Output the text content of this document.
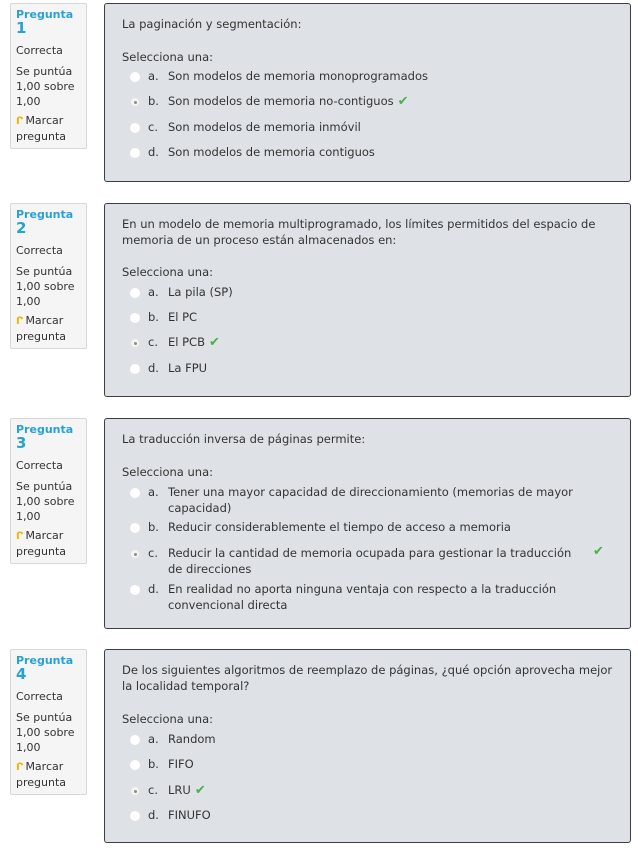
Pregunta
1
Correcta
Se puntúa 1,00 sobre 1,00
ᒋ Marcar pregunta
La paginación y segmentación:
Selecciona una:
a. Son modelos de memoria monoprogramados
b. Son modelos de memoria no-contiguos ✔
c. Son modelos de memoria inmóvil
d. Son modelos de memoria contiguos
Pregunta
2
Correcta
Se puntúa 1,00 sobre 1,00
ᒋ Marcar pregunta
En un modelo de memoria multiprogramado, los límites permitidos del espacio de memoria de un proceso están almacenados en:
Selecciona una:
a. La pila (SP)
b. El PC
c. El PCB ✔
d. La FPU
Pregunta
3
Correcta
Se puntúa 1,00 sobre 1,00
ᒋ Marcar pregunta
La traducción inversa de páginas permite:
Selecciona una:
a. Tener una mayor capacidad de direccionamiento (memorias de mayor capacidad)
b. Reducir considerablemente el tiempo de acceso a memoria
c. Reducir la cantidad de memoria ocupada para gestionar la traducción de direcciones
✔
d. En realidad no aporta ninguna ventaja con respecto a la traducción convencional directa
Pregunta
4
Correcta
Se puntúa 1,00 sobre 1,00
ᒋ Marcar pregunta
De los siguientes algoritmos de reemplazo de páginas, ¿qué opción aprovecha mejor la localidad temporal?
Selecciona una:
a. Random
b. FIFO
c. LRU ✔
d. FINUFO
